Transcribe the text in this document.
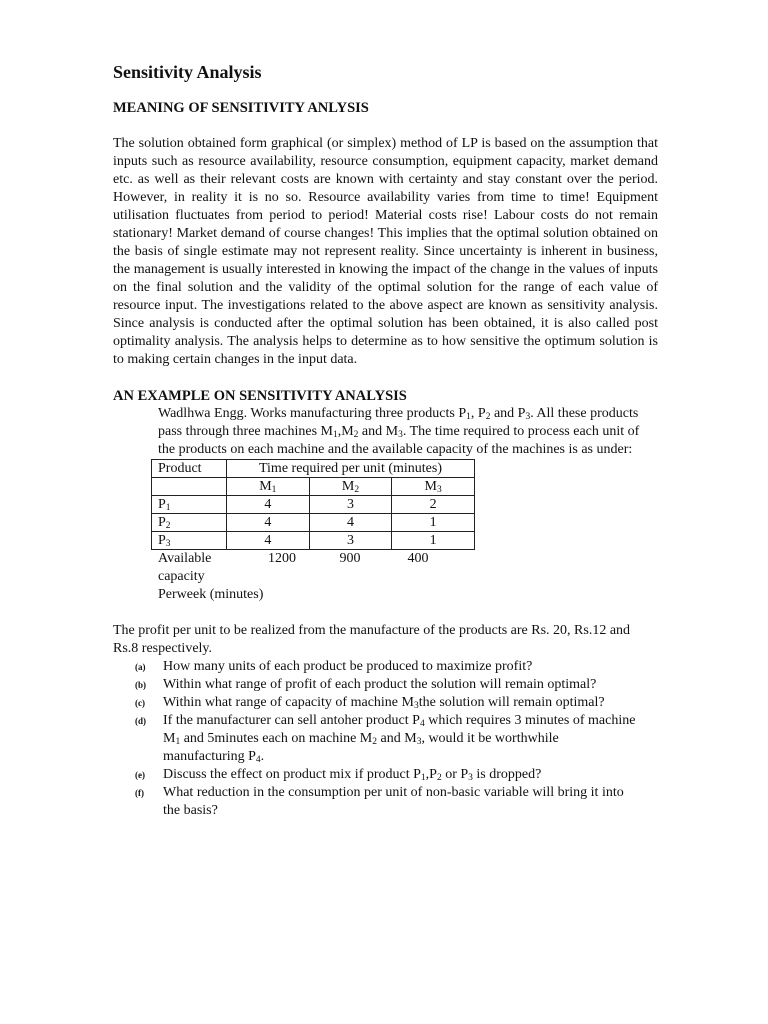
Sensitivity Analysis
MEANING OF SENSITIVITY ANLYSIS

The solution obtained form graphical (or simplex) method of LP is based on the assumption that inputs such as resource availability, resource consumption, equipment capacity, market demand etc. as well as their relevant costs are known with certainty and stay constant over the period. However, in reality it is no so. Resource availability varies from time to time! Equipment utilisation fluctuates from period to period! Material costs rise! Labour costs do not remain stationary! Market demand of course changes! This implies that the optimal solution obtained on the basis of single estimate may not represent reality. Since uncertainty is inherent in business, the management is usually interested in knowing the impact of the change in the values of inputs on the final solution and the validity of the optimal solution for the range of each value of resource input. The investigations related to the above aspect are known as sensitivity analysis. Since analysis is conducted after the optimal solution has been obtained, it is also called post optimality analysis. The analysis helps to determine as to how sensitive the optimum solution is to making certain changes in the input data.

AN EXAMPLE ON SENSITIVITY ANALYSIS

Wadlhwa Engg. Works manufacturing three products $P_1$, $P_2$ and $P_3$. All these products pass through three machines $M_1,M_2$ and $M_3$. The time required to process each unit of the products on each machine and the available capacity of the machines is as under:

Product	Time required per unit (minutes)		
	$M_1$	$M_2$	$M_3$
$P_1$	4	3	2
$P_2$	4	4	1
$P_3$	4	3	1
Available	1200	900	400
capacity
Perweek (minutes)

The profit per unit to be realized from the manufacture of the products are Rs. 20, Rs.12 and Rs.8 respectively.

(a)	How many units of each product be produced to maximize profit?
(b)	Within what range of profit of each product the solution will remain optimal?
(c)	Within what range of capacity of machine $M_3the$ solution will remain optimal?
(d)	If the manufacturer can sell antoher product $P_4$ which requires 3 minutes of machine $M_1$ and 5minutes each on machine $M_2$ and $M_3$, would it be worthwhile manufacturing $P_4$.
(e)	Discuss the effect on product mix if product $P_1,P_2$ or $P_3$ is dropped?
(f)	What reduction in the consumption per unit of non-basic variable will bring it into the basis?
